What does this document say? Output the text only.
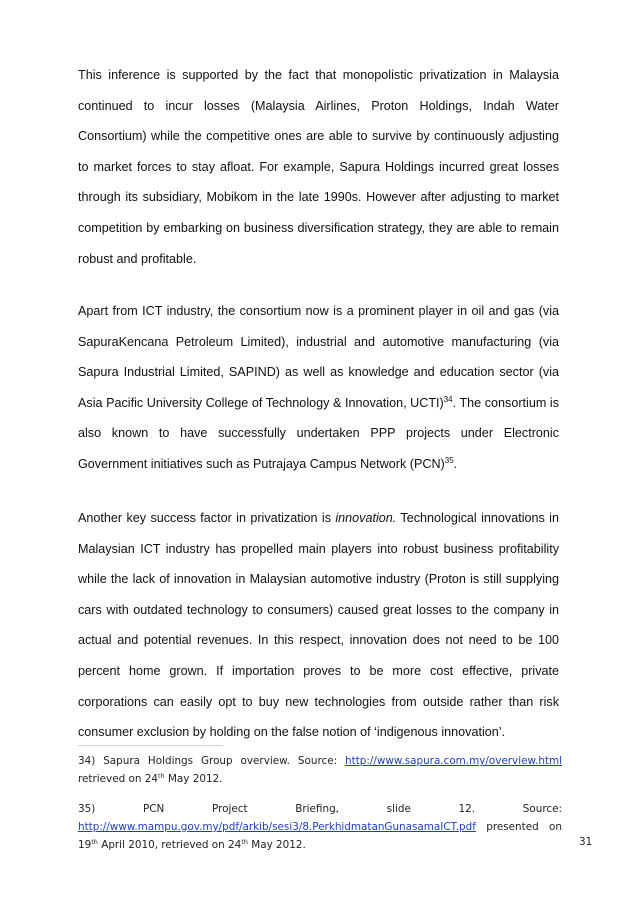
This inference is supported by the fact that monopolistic privatization in Malaysia continued to incur losses (Malaysia Airlines, Proton Holdings, Indah Water Consortium) while the competitive ones are able to survive by continuously adjusting to market forces to stay afloat. For example, Sapura Holdings incurred great losses through its subsidiary, Mobikom in the late 1990s. However after adjusting to market competition by embarking on business diversification strategy, they are able to remain robust and profitable.

Apart from ICT industry, the consortium now is a prominent player in oil and gas (via SapuraKencana Petroleum Limited), industrial and automotive manufacturing (via Sapura Industrial Limited, SAPIND) as well as knowledge and education sector (via Asia Pacific University College of Technology & Innovation, UCTI)$^{34}$. The consortium is also known to have successfully undertaken PPP projects under Electronic Government initiatives such as Putrajaya Campus Network (PCN)$^{35}$.

Another key success factor in privatization is innovation. Technological innovations in Malaysian ICT industry has propelled main players into robust business profitability while the lack of innovation in Malaysian automotive industry (Proton is still supplying cars with outdated technology to consumers) caused great losses to the company in actual and potential revenues. In this respect, innovation does not need to be 100 percent home grown. If importation proves to be more cost effective, private corporations can easily opt to buy new technologies from outside rather than risk consumer exclusion by holding on the false notion of ‘indigenous innovation’.

34) Sapura Holdings Group overview. Source: http://www.sapura.com.my/overview.html retrieved on 24th May 2012.

35) PCN Project Briefing, slide 12. Source: http://www.mampu.gov.my/pdf/arkib/sesi3/8.PerkhidmatanGunasamaICT.pdf presented on 19th April 2010, retrieved on 24th May 2012.	31
